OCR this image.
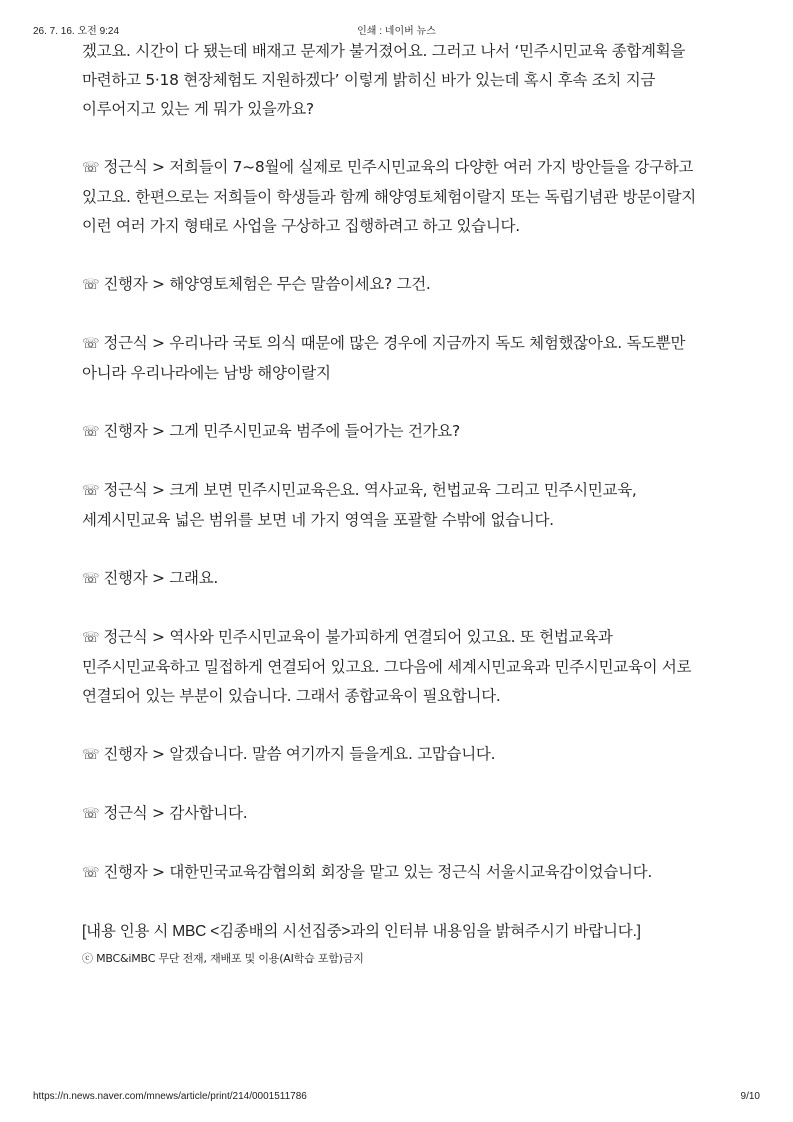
26. 7. 16. 오전 9:24	인쇄 : 네이버 뉴스

겠고요. 시간이 다 됐는데 배재고 문제가 불거졌어요. 그러고 나서 ‘민주시민교육 종합계획을 마련하고 5·18 현장체험도 지원하겠다’ 이렇게 밝히신 바가 있는데 혹시 후속 조치 지금 이루어지고 있는 게 뭐가 있을까요?

☏ 정근식 > 저희들이 7~8월에 실제로 민주시민교육의 다양한 여러 가지 방안들을 강구하고 있고요. 한편으로는 저희들이 학생들과 함께 해양영토체험이랄지 또는 독립기념관 방문이랄지 이런 여러 가지 형태로 사업을 구상하고 집행하려고 하고 있습니다.

☏ 진행자 > 해양영토체험은 무슨 말씀이세요? 그건.

☏ 정근식 > 우리나라 국토 의식 때문에 많은 경우에 지금까지 독도 체험했잖아요. 독도뿐만 아니라 우리나라에는 남방 해양이랄지

☏ 진행자 > 그게 민주시민교육 범주에 들어가는 건가요?

☏ 정근식 > 크게 보면 민주시민교육은요. 역사교육, 헌법교육 그리고 민주시민교육, 세계시민교육 넓은 범위를 보면 네 가지 영역을 포괄할 수밖에 없습니다.

☏ 진행자 > 그래요.

☏ 정근식 > 역사와 민주시민교육이 불가피하게 연결되어 있고요. 또 헌법교육과 민주시민교육하고 밀접하게 연결되어 있고요. 그다음에 세계시민교육과 민주시민교육이 서로 연결되어 있는 부분이 있습니다. 그래서 종합교육이 필요합니다.

☏ 진행자 > 알겠습니다. 말씀 여기까지 들을게요. 고맙습니다.

☏ 정근식 > 감사합니다.

☏ 진행자 > 대한민국교육감협의회 회장을 맡고 있는 정근식 서울시교육감이었습니다.

[내용 인용 시 MBC <김종배의 시선집중>과의 인터뷰 내용임을 밝혀주시기 바랍니다.]

ⓒ MBC&iMBC 무단 전재, 재배포 및 이용(AI학습 포함)금지

https://n.news.naver.com/mnews/article/print/214/0001511786	9/10
